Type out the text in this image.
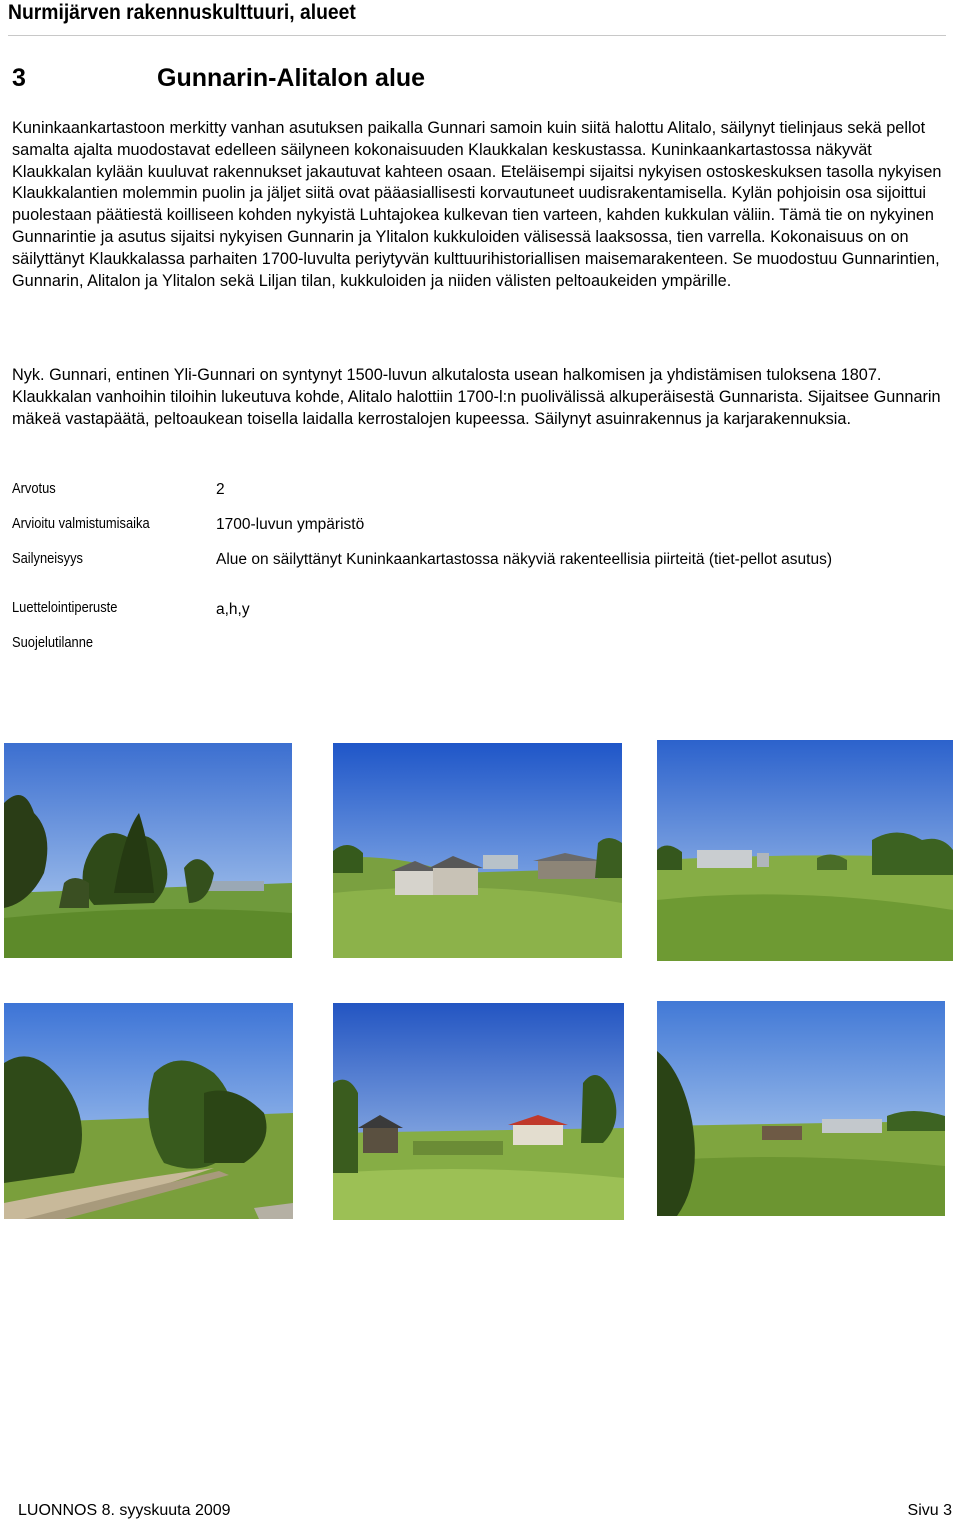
Nurmijärven rakennuskulttuuri, alueet
3	Gunnarin-Alitalon alue
Kuninkaankartastoon merkitty vanhan asutuksen paikalla Gunnari samoin kuin siitä halottu Alitalo, säilynyt tielinjaus sekä pellot samalta ajalta muodostavat edelleen säilyneen kokonaisuuden Klaukkalan keskustassa. Kuninkaankartastossa näkyvät Klaukkalan kylään kuuluvat rakennukset jakautuvat kahteen osaan. Eteläisempi sijaitsi nykyisen ostoskeskuksen tasolla nykyisen Klaukkalantien molemmin puolin ja jäljet siitä ovat pääasiallisesti korvautuneet uudisrakentamisella. Kylän pohjoisin osa sijoittui puolestaan päätiestä koilliseen kohden nykyistä Luhtajokea kulkevan tien varteen, kahden kukkulan väliin. Tämä tie on nykyinen Gunnarintie ja asutus sijaitsi nykyisen Gunnarin ja Ylitalon kukkuloiden välisessä laaksossa, tien varrella. Kokonaisuus on on säilyttänyt Klaukkalassa parhaiten 1700-luvulta periytyvän kulttuurihistoriallisen maisemarakenteen. Se muodostuu Gunnarintien, Gunnarin, Alitalon ja Ylitalon sekä Liljan tilan, kukkuloiden ja niiden välisten peltoaukeiden ympärille.
Nyk. Gunnari, entinen Yli-Gunnari on syntynyt 1500-luvun alkutalosta usean halkomisen ja yhdistämisen tuloksena 1807. Klaukkalan vanhoihin tiloihin lukeutuva kohde, Alitalo halottiin 1700-l:n puolivälissä alkuperäisestä Gunnarista. Sijaitsee Gunnarin mäkeä vastapäätä, peltoaukean toisella laidalla kerrostalojen kupeessa. Säilynyt asuinrakennus ja karjarakennuksia.
Arvotus	2
Arvioitu valmistumisaika	1700-luvun ympäristö
Sailyneisyys	Alue on säilyttänyt Kuninkaankartastossa näkyviä rakenteellisia piirteitä (tiet-pellot asutus)
Luettelointiperuste	a,h,y
Suojelutilanne
LUONNOS 8. syyskuuta 2009	Sivu 3
